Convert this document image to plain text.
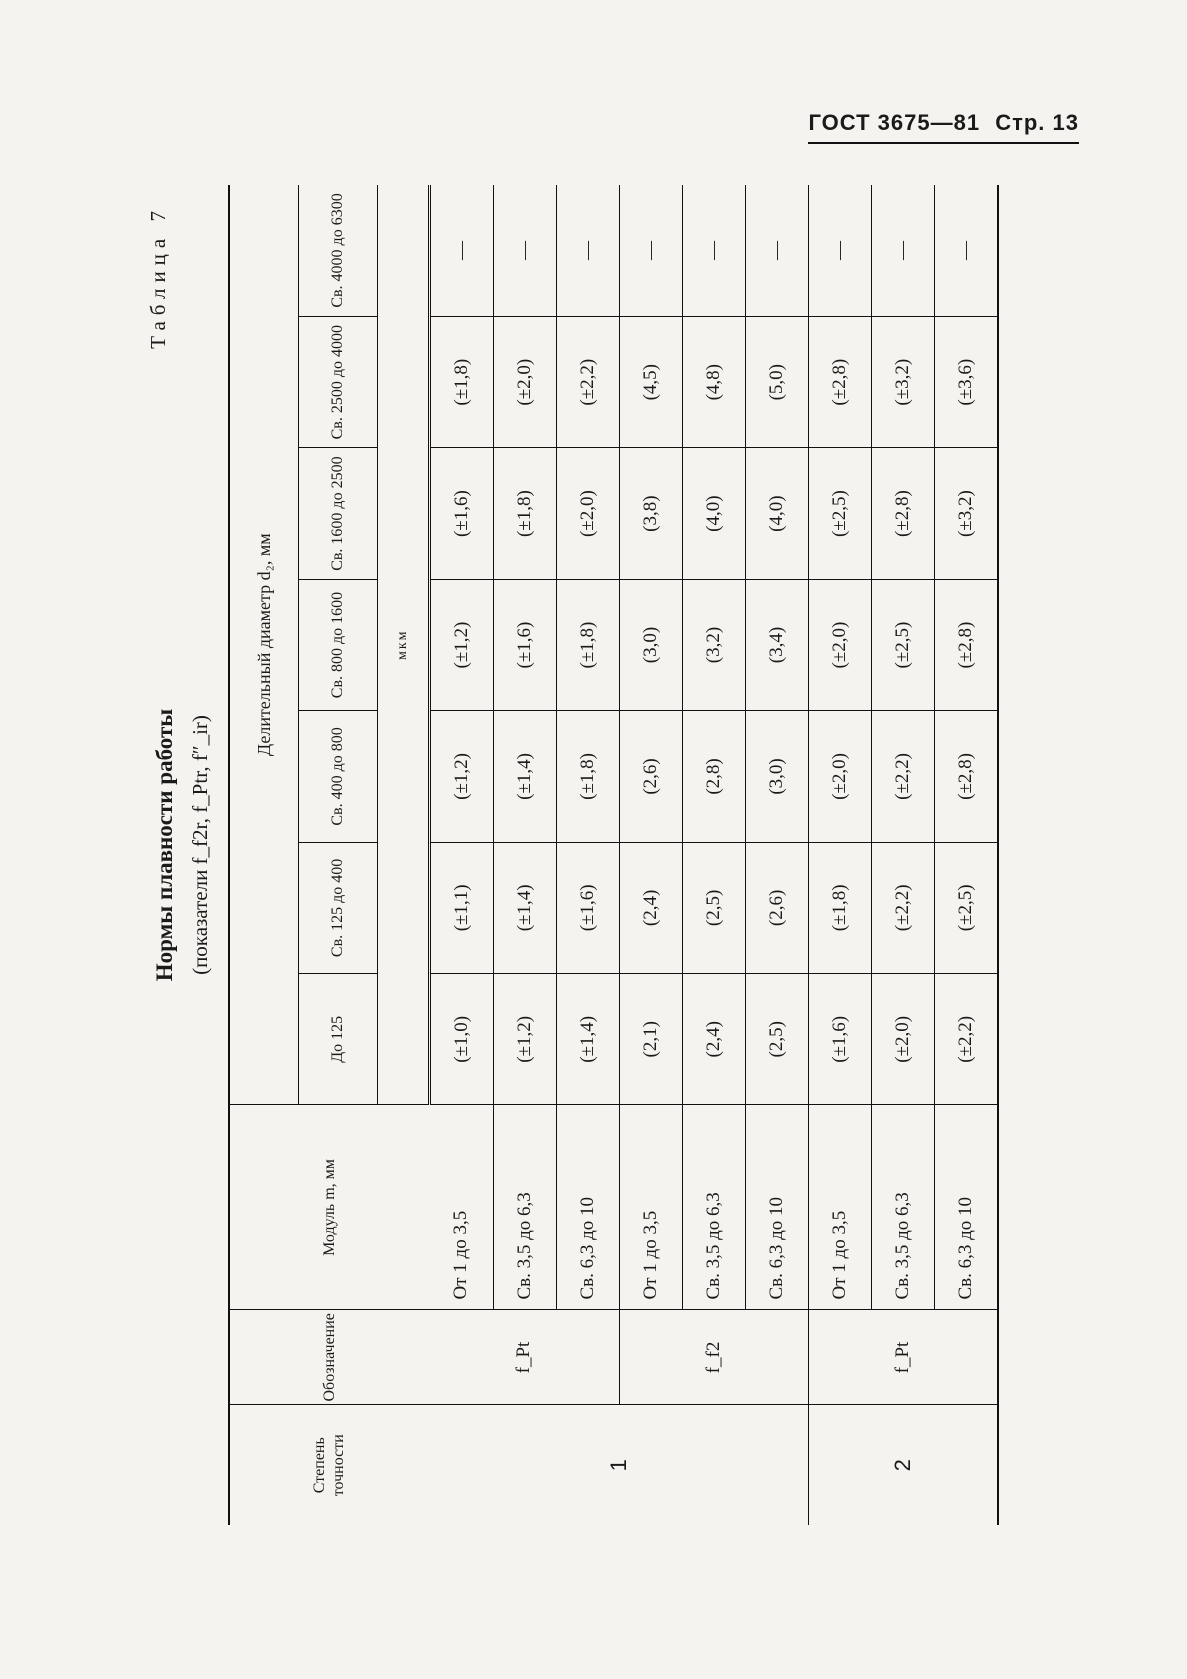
ГОСТ 3675—81 Стр. 13
Таблица 7
Нормы плавности работы (показатели f_f2r, f_Ptr, f″_ir)
Степень точности	Обозначение	Модуль m, мм	Делительный диаметр d₂, мм						
			До 125	Св. 125 до 400	Св. 400 до 800	Св. 800 до 1600	Св. 1600 до 2500	Св. 2500 до 4000	Св. 4000 до 6300
			мкм						
1	f_Pt	От 1 до 3,5	(±1,0)	(±1,1)	(±1,2)	(±1,2)	(±1,6)	(±1,8)	—
		Св. 3,5 до 6,3	(±1,2)	(±1,4)	(±1,4)	(±1,6)	(±1,8)	(±2,0)	—
		Св. 6,3 до 10	(±1,4)	(±1,6)	(±1,8)	(±1,8)	(±2,0)	(±2,2)	—
	f_f2	От 1 до 3,5	(2,1)	(2,4)	(2,6)	(3,0)	(3,8)	(4,5)	—
		Св. 3,5 до 6,3	(2,4)	(2,5)	(2,8)	(3,2)	(4,0)	(4,8)	—
		Св. 6,3 до 10	(2,5)	(2,6)	(3,0)	(3,4)	(4,0)	(5,0)	—
2	f_Pt	От 1 до 3,5	(±1,6)	(±1,8)	(±2,0)	(±2,0)	(±2,5)	(±2,8)	—
		Св. 3,5 до 6,3	(±2,0)	(±2,2)	(±2,2)	(±2,5)	(±2,8)	(±3,2)	—
		Св. 6,3 до 10	(±2,2)	(±2,5)	(±2,8)	(±2,8)	(±3,2)	(±3,6)	—
